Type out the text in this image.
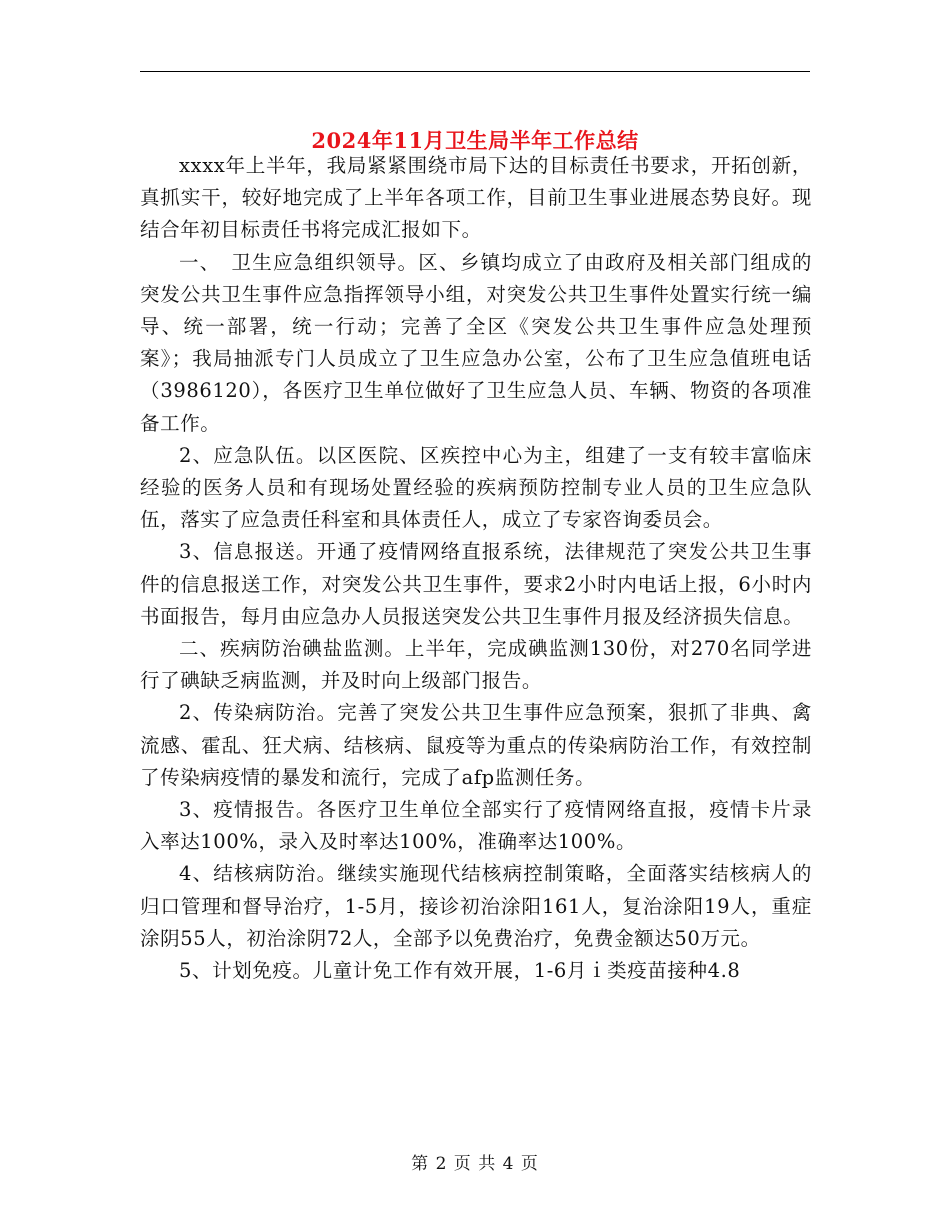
2024年11月卫生局半年工作总结

xxxx年上半年，我局紧紧围绕市局下达的目标责任书要求，开拓创新，真抓实干，较好地完成了上半年各项工作，目前卫生事业进展态势良好。现结合年初目标责任书将完成汇报如下。

一、　卫生应急组织领导。区、乡镇均成立了由政府及相关部门组成的突发公共卫生事件应急指挥领导小组，对突发公共卫生事件处置实行统一编导、统一部署，统一行动；完善了全区《突发公共卫生事件应急处理预案》；我局抽派专门人员成立了卫生应急办公室，公布了卫生应急值班电话（3986120），各医疗卫生单位做好了卫生应急人员、车辆、物资的各项准备工作。

2、应急队伍。以区医院、区疾控中心为主，组建了一支有较丰富临床经验的医务人员和有现场处置经验的疾病预防控制专业人员的卫生应急队伍，落实了应急责任科室和具体责任人，成立了专家咨询委员会。

3、信息报送。开通了疫情网络直报系统，法律规范了突发公共卫生事件的信息报送工作，对突发公共卫生事件，要求2小时内电话上报，6小时内书面报告，每月由应急办人员报送突发公共卫生事件月报及经济损失信息。

二、疾病防治碘盐监测。上半年，完成碘监测130份，对270名同学进行了碘缺乏病监测，并及时向上级部门报告。

2、传染病防治。完善了突发公共卫生事件应急预案，狠抓了非典、禽流感、霍乱、狂犬病、结核病、鼠疫等为重点的传染病防治工作，有效控制了传染病疫情的暴发和流行，完成了afp监测任务。

3、疫情报告。各医疗卫生单位全部实行了疫情网络直报，疫情卡片录入率达100%，录入及时率达100%，准确率达100%。

4、结核病防治。继续实施现代结核病控制策略，全面落实结核病人的归口管理和督导治疗，1-5月，接诊初治涂阳161人，复治涂阳19人，重症涂阴55人，初治涂阴72人，全部予以免费治疗，免费金额达50万元。

5、计划免疫。儿童计免工作有效开展，1-6月ｉ类疫苗接种4.8

第 2 页 共 4 页
